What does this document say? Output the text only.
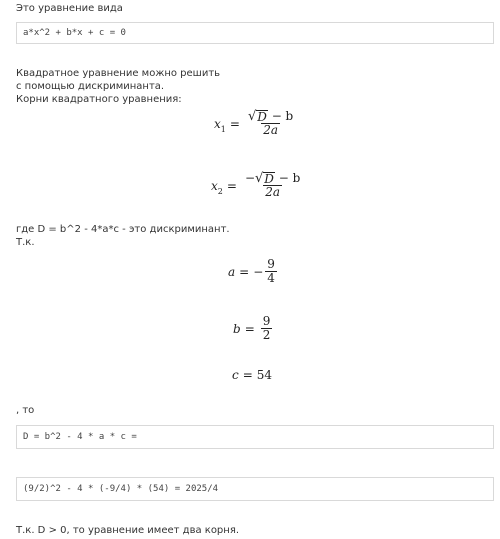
Это уравнение вида
a*x^2 + b*x + c = 0
Квадратное уравнение можно решить
с помощью дискриминанта.
Корни квадратного уравнения:
$x_1 = \frac{√ D - b}{2a}$
$x_2 = \frac{- √ D - b}{2a}$
где D = b^2 - 4*a*c - это дискриминант.
Т.к.
a = − $\frac{9}{4}$
$b = \frac{9}{2}$
c = 54
, то
D = b^2 - 4 * a * c =
(9/2)^2 - 4 * (-9/4) * (54) = 2025/4
Т.к. D > 0, то уравнение имеет два корня.
